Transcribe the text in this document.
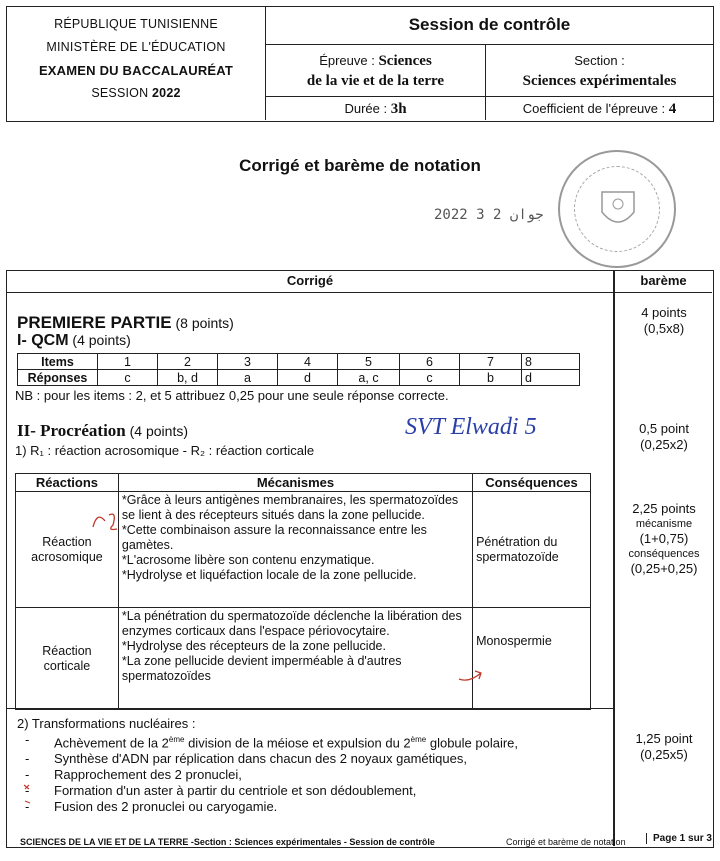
RÉPUBLIQUE TUNISIENNE
MINISTÈRE DE L'ÉDUCATION
EXAMEN DU BACCALAURÉAT
SESSION 2022
Session de contrôle
Épreuve : Sciences
de la vie et de la terre
Section :
Sciences expérimentales
Durée : 3h	Coefficient de l'épreuve : 4
Corrigé et barème de notation
2022 جوان 2 3
Corrigé	barème
PREMIERE PARTIE (8 points)
I- QCM (4 points)
Items	1	2	3	4	5	6	7	8
Réponses	c	b, d	a	d	a, c	c	b	d
NB : pour les items : 2, et 5 attribuez 0,25 pour une seule réponse correcte.
4 points
(0,5x8)
II- Procréation (4 points)
1) R₁ : réaction acrosomique - R₂ : réaction corticale
SVT Elwadi 5	0,5 point
(0,25x2)
Réactions	Mécanismes	Conséquences
Réaction acrosomique	*Grâce à leurs antigènes membranaires, les spermatozoïdes se lient à des récepteurs situés dans la zone pellucide.
*Cette combinaison assure la reconnaissance entre les gamètes.
*L'acrosome libère son contenu enzymatique.
*Hydrolyse et liquéfaction locale de la zone pellucide.	Pénétration du spermatozoïde
Réaction corticale	*La pénétration du spermatozoïde déclenche la libération des enzymes corticaux dans l'espace périovocytaire.
*Hydrolyse des récepteurs de la zone pellucide.
*La zone pellucide devient imperméable à d'autres spermatozoïdes	Monospermie
2,25 points
mécanisme
(1+0,75)
conséquences
(0,25+0,25)
2) Transformations nucléaires :
- Achèvement de la 2ème division de la méiose et expulsion du 2ème globule polaire,
- Synthèse d'ADN par réplication dans chacun des 2 noyaux gamétiques,
- Rapprochement des 2 pronuclei,
- Formation d'un aster à partir du centriole et son dédoublement,
- Fusion des 2 pronuclei ou caryogamie.
1,25 point
(0,25x5)
SCIENCES DE LA VIE ET DE LA TERRE -Section : Sciences expérimentales - Session de contrôle	Corrigé et barème de notation	Page 1 sur 3
